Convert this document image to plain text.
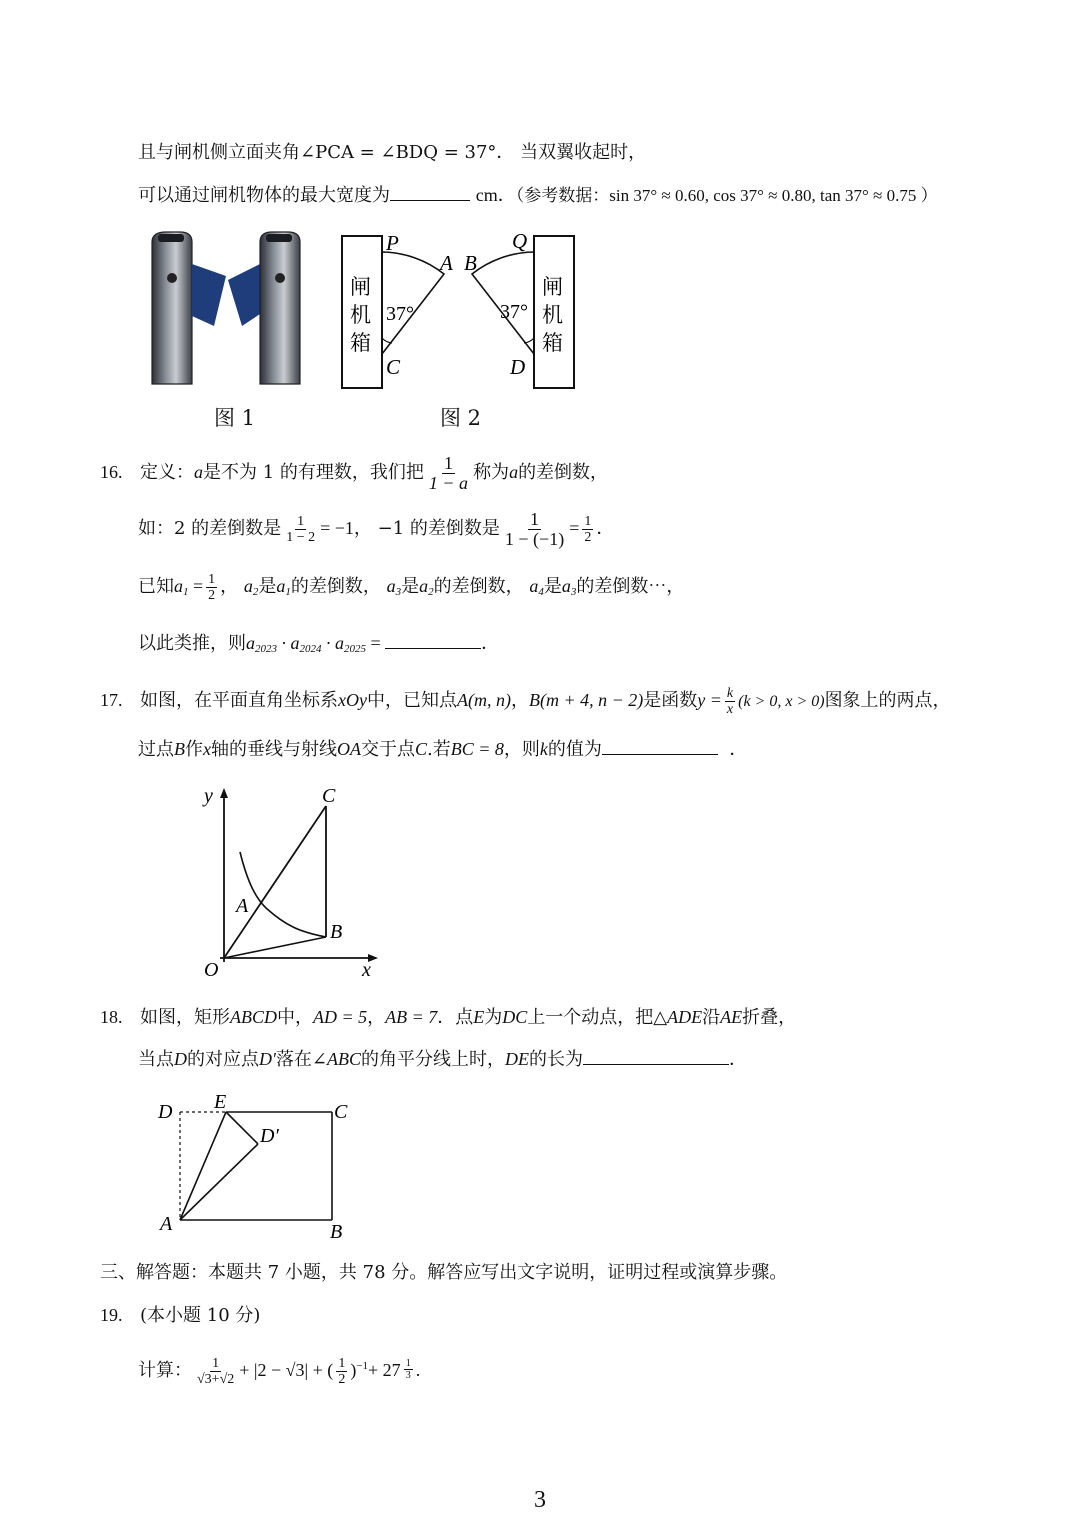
且与闸机侧立面夹角∠PCA = ∠BDQ = 37°． 当双翼收起时，
可以通过闸机物体的最大宽度为	cm．（参考数据：sin 37° ≈ 0.60, cos 37° ≈ 0.80, tan 37° ≈ 0.75 ）
图 1
闸
机
箱
闸
机
箱
P
A
C
B
Q
D
37°	37°
图 2
16. 定义：a是不为 1 的有理数，我们把 $\frac{1}{1 - a}$ 称为a的差倒数，
如：2 的差倒数是 $\frac{1}{1 - 2} = -1$， −1 的差倒数是 $\frac{1}{1 - (-1)} = \frac{1}{2}$ ．
已知$a_1 = \frac{1}{2}$ ， $a_2$是$a_1$的差倒数， $a_3$是$a_2$的差倒数， $a_4$是$a_3$的差倒数⋯，
以此类推，则$a_{2023} \cdot a_{2024} \cdot a_{2025}$ =	．
17. 如图，在平面直角坐标系xOy中，已知点A(m, n)，B(m + 4, n − 2)是函数$y = \frac{k}{x} (k > 0$, x > 0)图象上的两点，
过点B作x轴的垂线与射线OA交于点C.若BC = 8，则k的值为	．
y
x
O
A
B
C
18. 如图，矩形ABCD中，AD = 5，AB = 7．点E为DC上一个动点，把△ADE沿AE折叠，
当点D的对应点D′落在∠ABC的角平分线上时，DE的长为	．
D E	C
D′
A	B
三、解答题：本题共 7 小题，共 78 分。解答应写出文字说明，证明过程或演算步骤。
19. (本小题 10 分)
计算： $\frac{1}{√3+√2} + |2 - √3|$ + ( $\frac{1}{2} )^{-1}+ 27 \frac{1}{3}$ .
3
